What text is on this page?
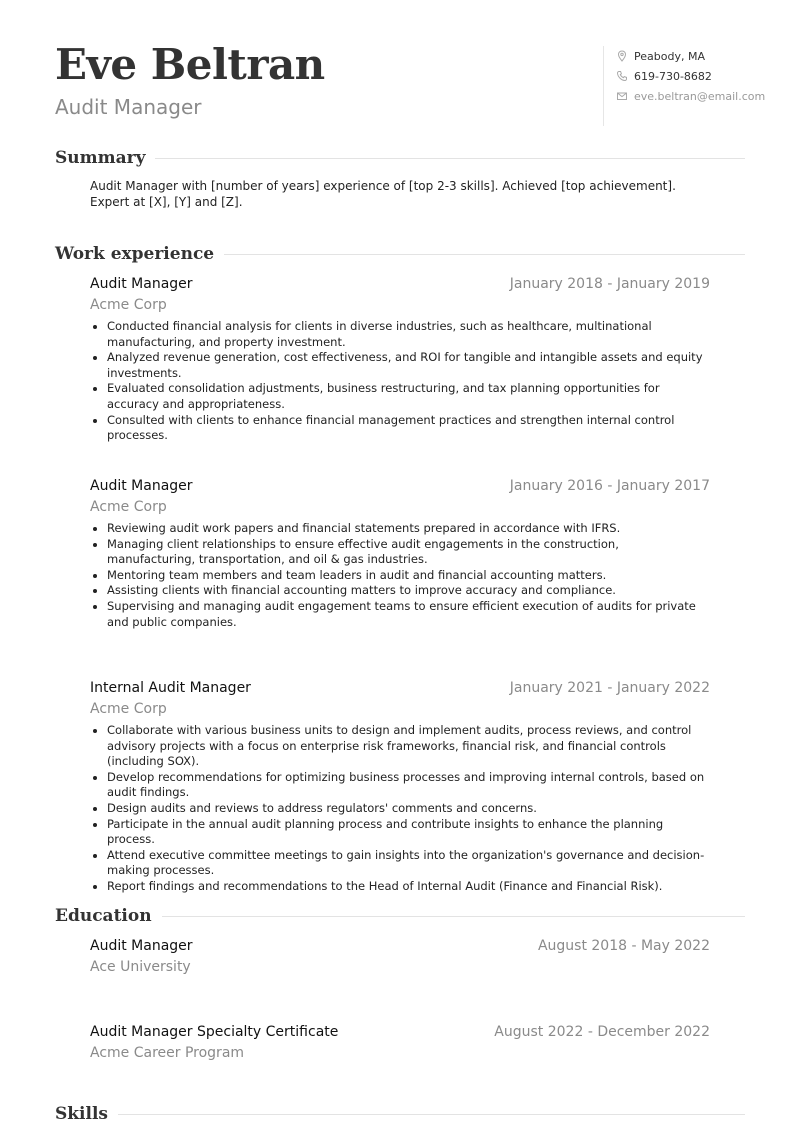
Eve Beltran
Audit Manager
Peabody, MA
619-730-8682
eve.beltran@email.com
Summary
Audit Manager with [number of years] experience of [top 2-3 skills]. Achieved [top achievement]. Expert at [X], [Y] and [Z].
Work experience
Audit Manager	January 2018 - January 2019
Acme Corp
• Conducted financial analysis for clients in diverse industries, such as healthcare, multinational manufacturing, and property investment.
• Analyzed revenue generation, cost effectiveness, and ROI for tangible and intangible assets and equity investments.
• Evaluated consolidation adjustments, business restructuring, and tax planning opportunities for accuracy and appropriateness.
• Consulted with clients to enhance financial management practices and strengthen internal control processes.
Audit Manager	January 2016 - January 2017
Acme Corp
• Reviewing audit work papers and financial statements prepared in accordance with IFRS.
• Managing client relationships to ensure effective audit engagements in the construction, manufacturing, transportation, and oil & gas industries.
• Mentoring team members and team leaders in audit and financial accounting matters.
• Assisting clients with financial accounting matters to improve accuracy and compliance.
• Supervising and managing audit engagement teams to ensure efficient execution of audits for private and public companies.
Internal Audit Manager	January 2021 - January 2022
Acme Corp
• Collaborate with various business units to design and implement audits, process reviews, and control advisory projects with a focus on enterprise risk frameworks, financial risk, and financial controls (including SOX).
• Develop recommendations for optimizing business processes and improving internal controls, based on audit findings.
• Design audits and reviews to address regulators' comments and concerns.
• Participate in the annual audit planning process and contribute insights to enhance the planning process.
• Attend executive committee meetings to gain insights into the organization's governance and decision-making processes.
• Report findings and recommendations to the Head of Internal Audit (Finance and Financial Risk).
Education
Audit Manager	August 2018 - May 2022
Ace University
Audit Manager Specialty Certificate	August 2022 - December 2022
Acme Career Program
Skills
